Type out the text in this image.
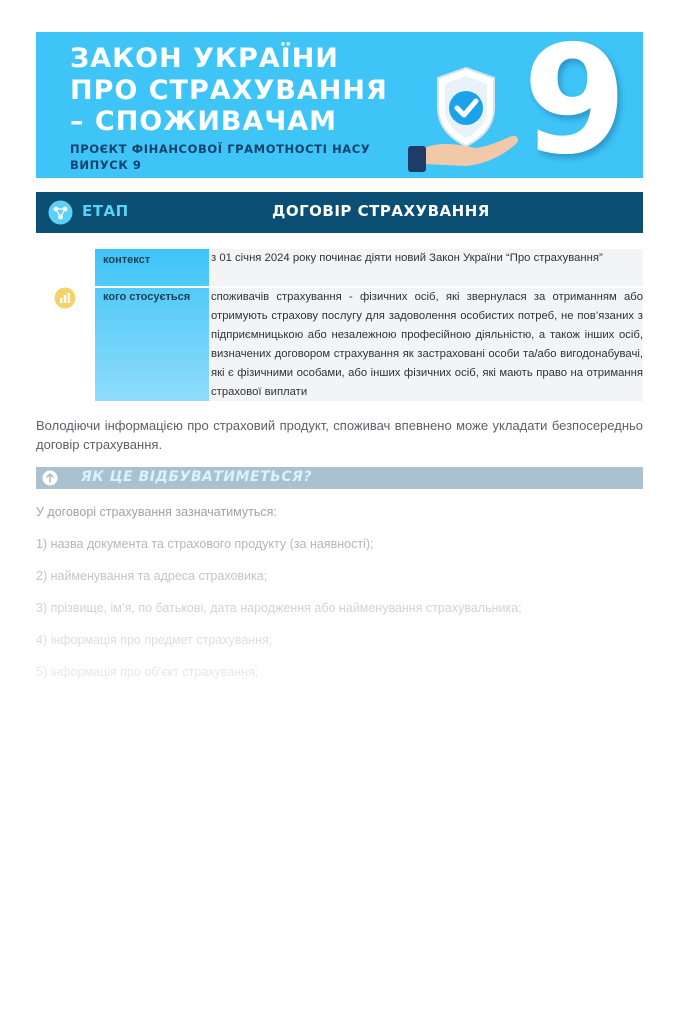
ЗАКОН УКРАЇНИ
ПРО СТРАХУВАННЯ
– СПОЖИВАЧАМ
ПРОЄКТ ФІНАНСОВОЇ ГРАМОТНОСТІ НАСУ
ВИПУСК 9	9
ЕТАП	ДОГОВІР СТРАХУВАННЯ
контекст
кого стосується
з 01 січня 2024 року починає діяти новий Закон України “Про страхування”
споживачів страхування - фізичних осіб, які звернулася за отриманням або отримують страхову послугу для задоволення особистих потреб, не пов’язаних з підприємницькою або незалежною професійною діяльністю, а також інших осіб, визначених договором страхування як застраховані особи та/або вигодонабувачі, які є фізичними особами, або інших фізичних осіб, які мають право на отримання страхової виплати
Володіючи інформацією про страховий продукт, споживач впевнено може укладати безпосередньо договір страхування.
ЯК ЦЕ ВІДБУВАТИМЕТЬСЯ?
У договорі страхування зазначатимуться:
1) назва документа та страхового продукту (за наявності);
2) найменування та адреса страховика;
3) прізвище, ім’я, по батькові, дата народження або найменування страхувальника;
4) інформація про предмет страхування;
5) інформація про об’єкт страхування;
